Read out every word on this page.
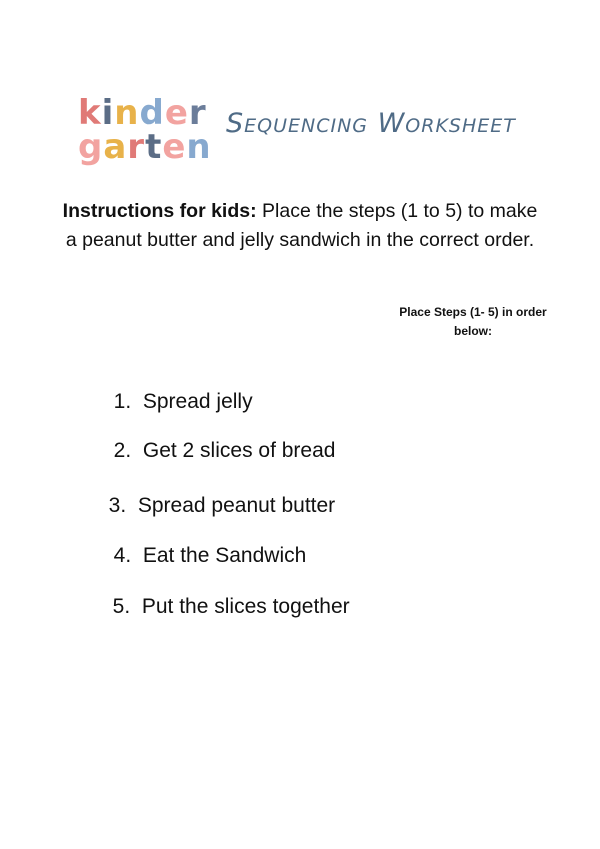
k i n d e r
g a r t e n
Sequencing Worksheet
Instructions for kids: Place the steps (1 to 5) to make a peanut butter and jelly sandwich in the correct order.
Place Steps (1- 5) in order below:

1. Spread jelly

2. Get 2 slices of bread

3. Spread peanut butter

4. Eat the Sandwich

5. Put the slices together
